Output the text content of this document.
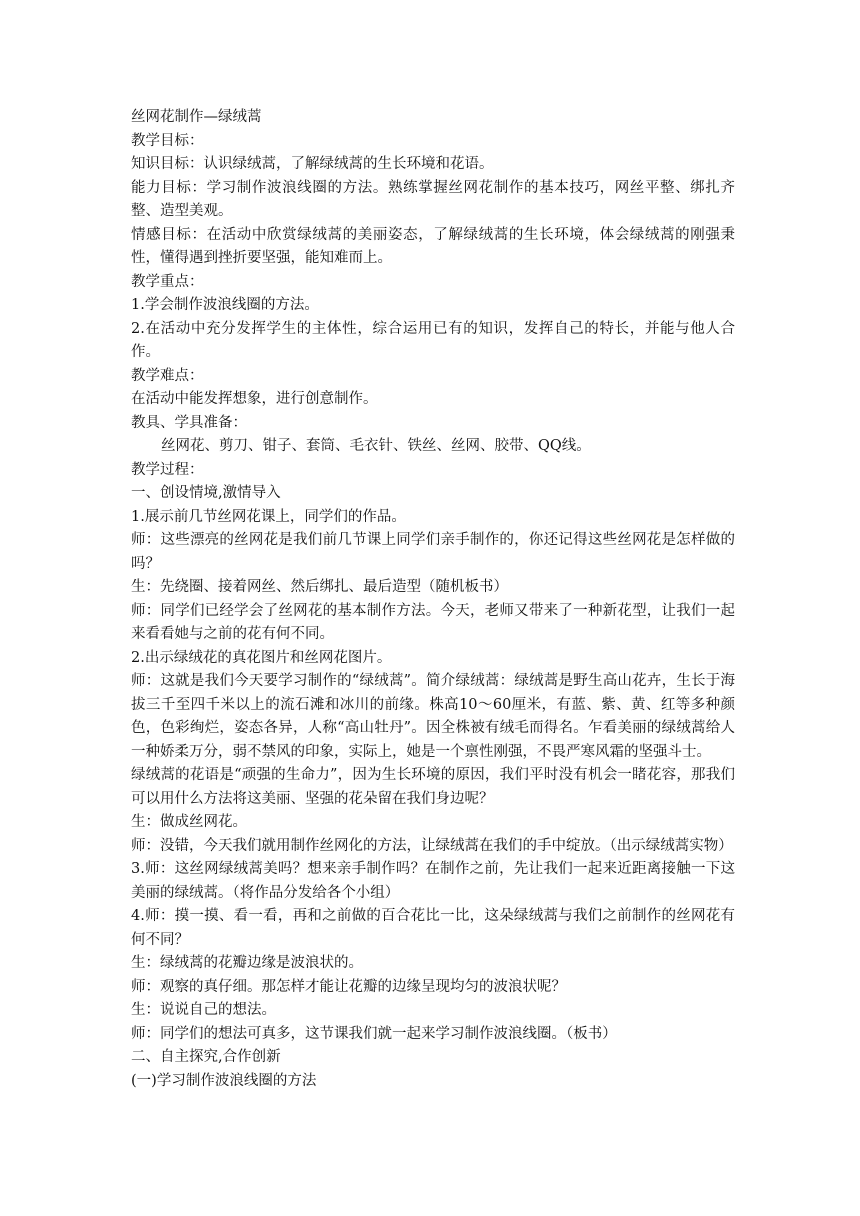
丝网花制作—绿绒蒿

教学目标：

知识目标：认识绿绒蒿，了解绿绒蒿的生长环境和花语。

能力目标：学习制作波浪线圈的方法。熟练掌握丝网花制作的基本技巧，网丝平整、绑扎齐整、造型美观。

情感目标：在活动中欣赏绿绒蒿的美丽姿态，了解绿绒蒿的生长环境，体会绿绒蒿的刚强秉性，懂得遇到挫折要坚强，能知难而上。

教学重点：

1.学会制作波浪线圈的方法。

2.在活动中充分发挥学生的主体性，综合运用已有的知识，发挥自己的特长，并能与他人合作。

教学难点：

在活动中能发挥想象，进行创意制作。

教具、学具准备：

丝网花、剪刀、钳子、套筒、毛衣针、铁丝、丝网、胶带、QQ线。

教学过程：

一、创设情境,激情导入

1.展示前几节丝网花课上，同学们的作品。

师：这些漂亮的丝网花是我们前几节课上同学们亲手制作的，你还记得这些丝网花是怎样做的吗？

生：先绕圈、接着网丝、然后绑扎、最后造型（随机板书）

师：同学们已经学会了丝网花的基本制作方法。今天，老师又带来了一种新花型，让我们一起来看看她与之前的花有何不同。

2.出示绿绒花的真花图片和丝网花图片。

师：这就是我们今天要学习制作的“绿绒蒿”。简介绿绒蒿：绿绒蒿是野生高山花卉，生长于海拔三千至四千米以上的流石滩和冰川的前缘。株高10～60厘米，有蓝、紫、黄、红等多种颜色，色彩绚烂，姿态各异，人称“高山牡丹”。因全株被有绒毛而得名。乍看美丽的绿绒蒿给人一种娇柔万分，弱不禁风的印象，实际上，她是一个禀性刚强，不畏严寒风霜的坚强斗士。

绿绒蒿的花语是“顽强的生命力”，因为生长环境的原因，我们平时没有机会一睹花容，那我们可以用什么方法将这美丽、坚强的花朵留在我们身边呢？

生：做成丝网花。

师：没错，今天我们就用制作丝网化的方法，让绿绒蒿在我们的手中绽放。（出示绿绒蒿实物）

3.师：这丝网绿绒蒿美吗？想来亲手制作吗？在制作之前，先让我们一起来近距离接触一下这美丽的绿绒蒿。（将作品分发给各个小组）

4.师：摸一摸、看一看，再和之前做的百合花比一比，这朵绿绒蒿与我们之前制作的丝网花有何不同？

生：绿绒蒿的花瓣边缘是波浪状的。

师：观察的真仔细。那怎样才能让花瓣的边缘呈现均匀的波浪状呢？

生：说说自己的想法。

师：同学们的想法可真多，这节课我们就一起来学习制作波浪线圈。（板书）

二、自主探究,合作创新

(一)学习制作波浪线圈的方法
